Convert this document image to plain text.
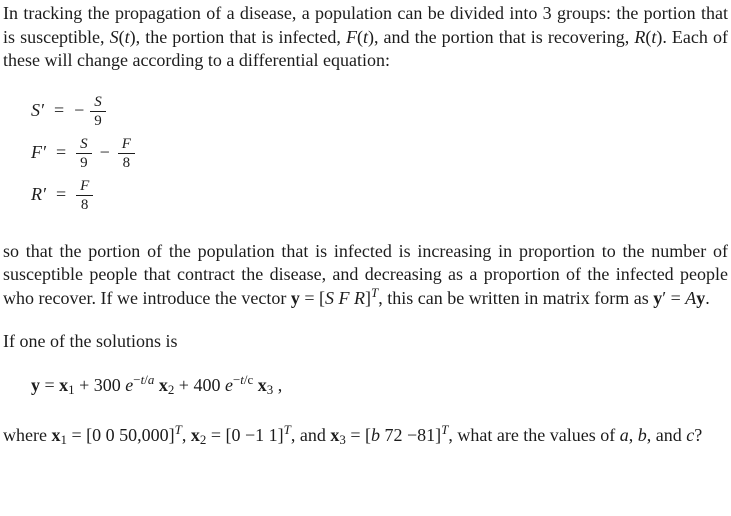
In tracking the propagation of a disease, a population can be divided into 3 groups: the portion that is susceptible, S(t), the portion that is infected, F(t), and the portion that is recovering, R(t). Each of these will change according to a differential equation:

S′ = − $\frac{S}{9}$
$F' = \frac{S}{9} - \frac{F}{8}$
$R' = \frac{F}{8}$

so that the portion of the population that is infected is increasing in proportion to the number of susceptible people that contract the disease, and decreasing as a proportion of the infected people who recover. If we introduce the vector y = [S F R]$^T$, this can be written in matrix form as y′ = Ay.

If one of the solutions is

y = x1 + 300 $e^{-t/a}$ x2 + 400 $e^{-t/c}$ x3 ,

where x1 = [0 0 50,000]$^T$, x2 = [0 −1 1]$^T$, and x3 = [b 72 −81]$^T$, what are the values of a, b, and c?
